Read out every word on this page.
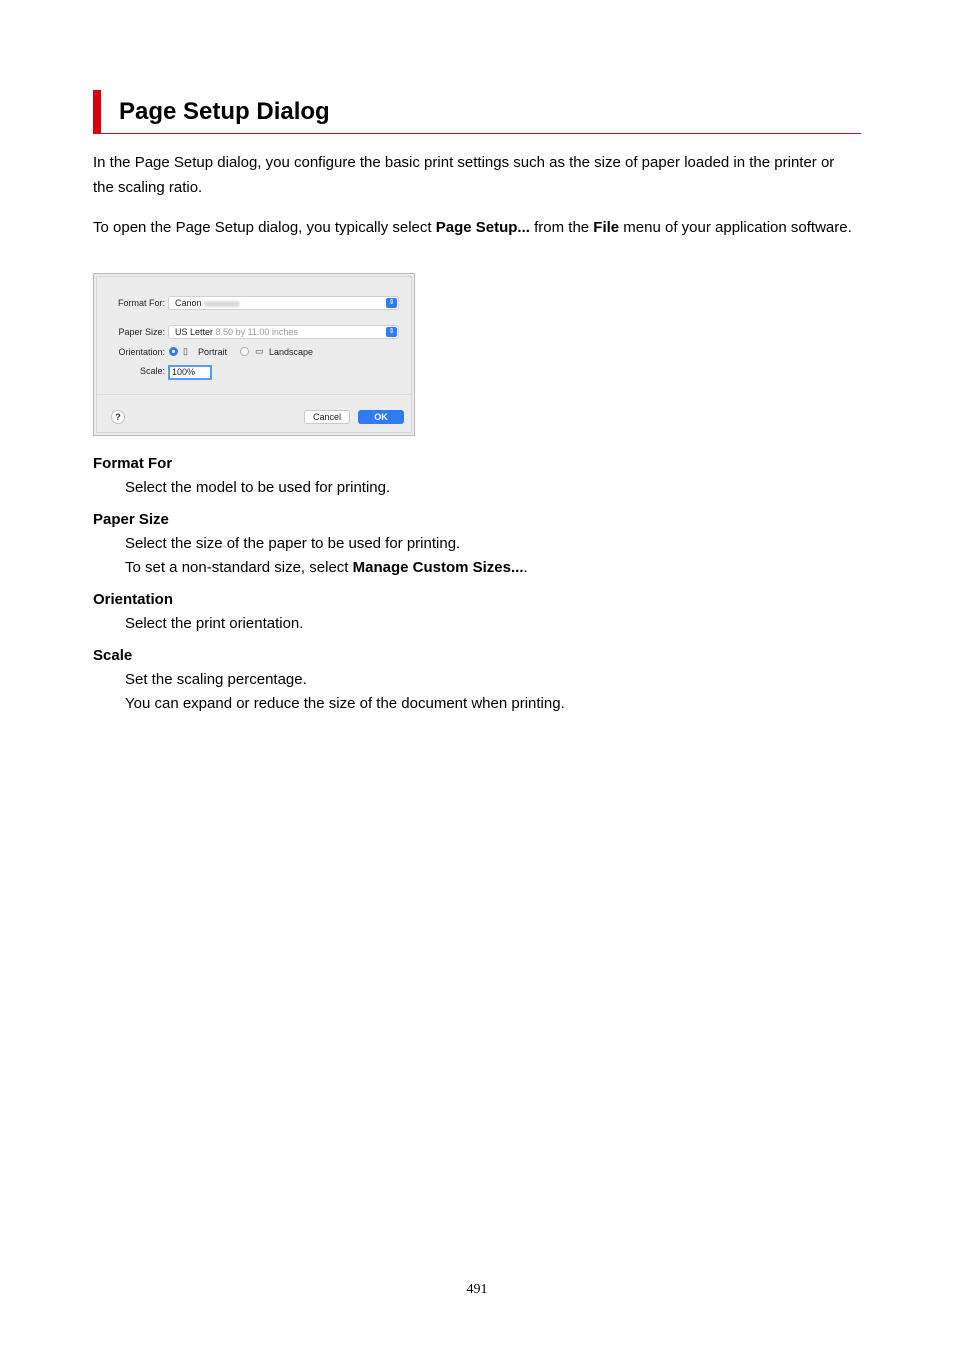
Page Setup Dialog

In the Page Setup dialog, you configure the basic print settings such as the size of paper loaded in the printer or the scaling ratio.

To open the Page Setup dialog, you typically select Page Setup... from the File menu of your application software.

Format For: Canon	⇕
Paper Size: US Letter 8.50 by 11.00 inches	⇕
Orientation: ▯ Portrait	▭ Landscape
Scale: 100%
?	Cancel	OK

Format For

Select the model to be used for printing.

Paper Size

Select the size of the paper to be used for printing.

To set a non-standard size, select Manage Custom Sizes....

Orientation

Select the print orientation.

Scale

Set the scaling percentage.

You can expand or reduce the size of the document when printing.

491
